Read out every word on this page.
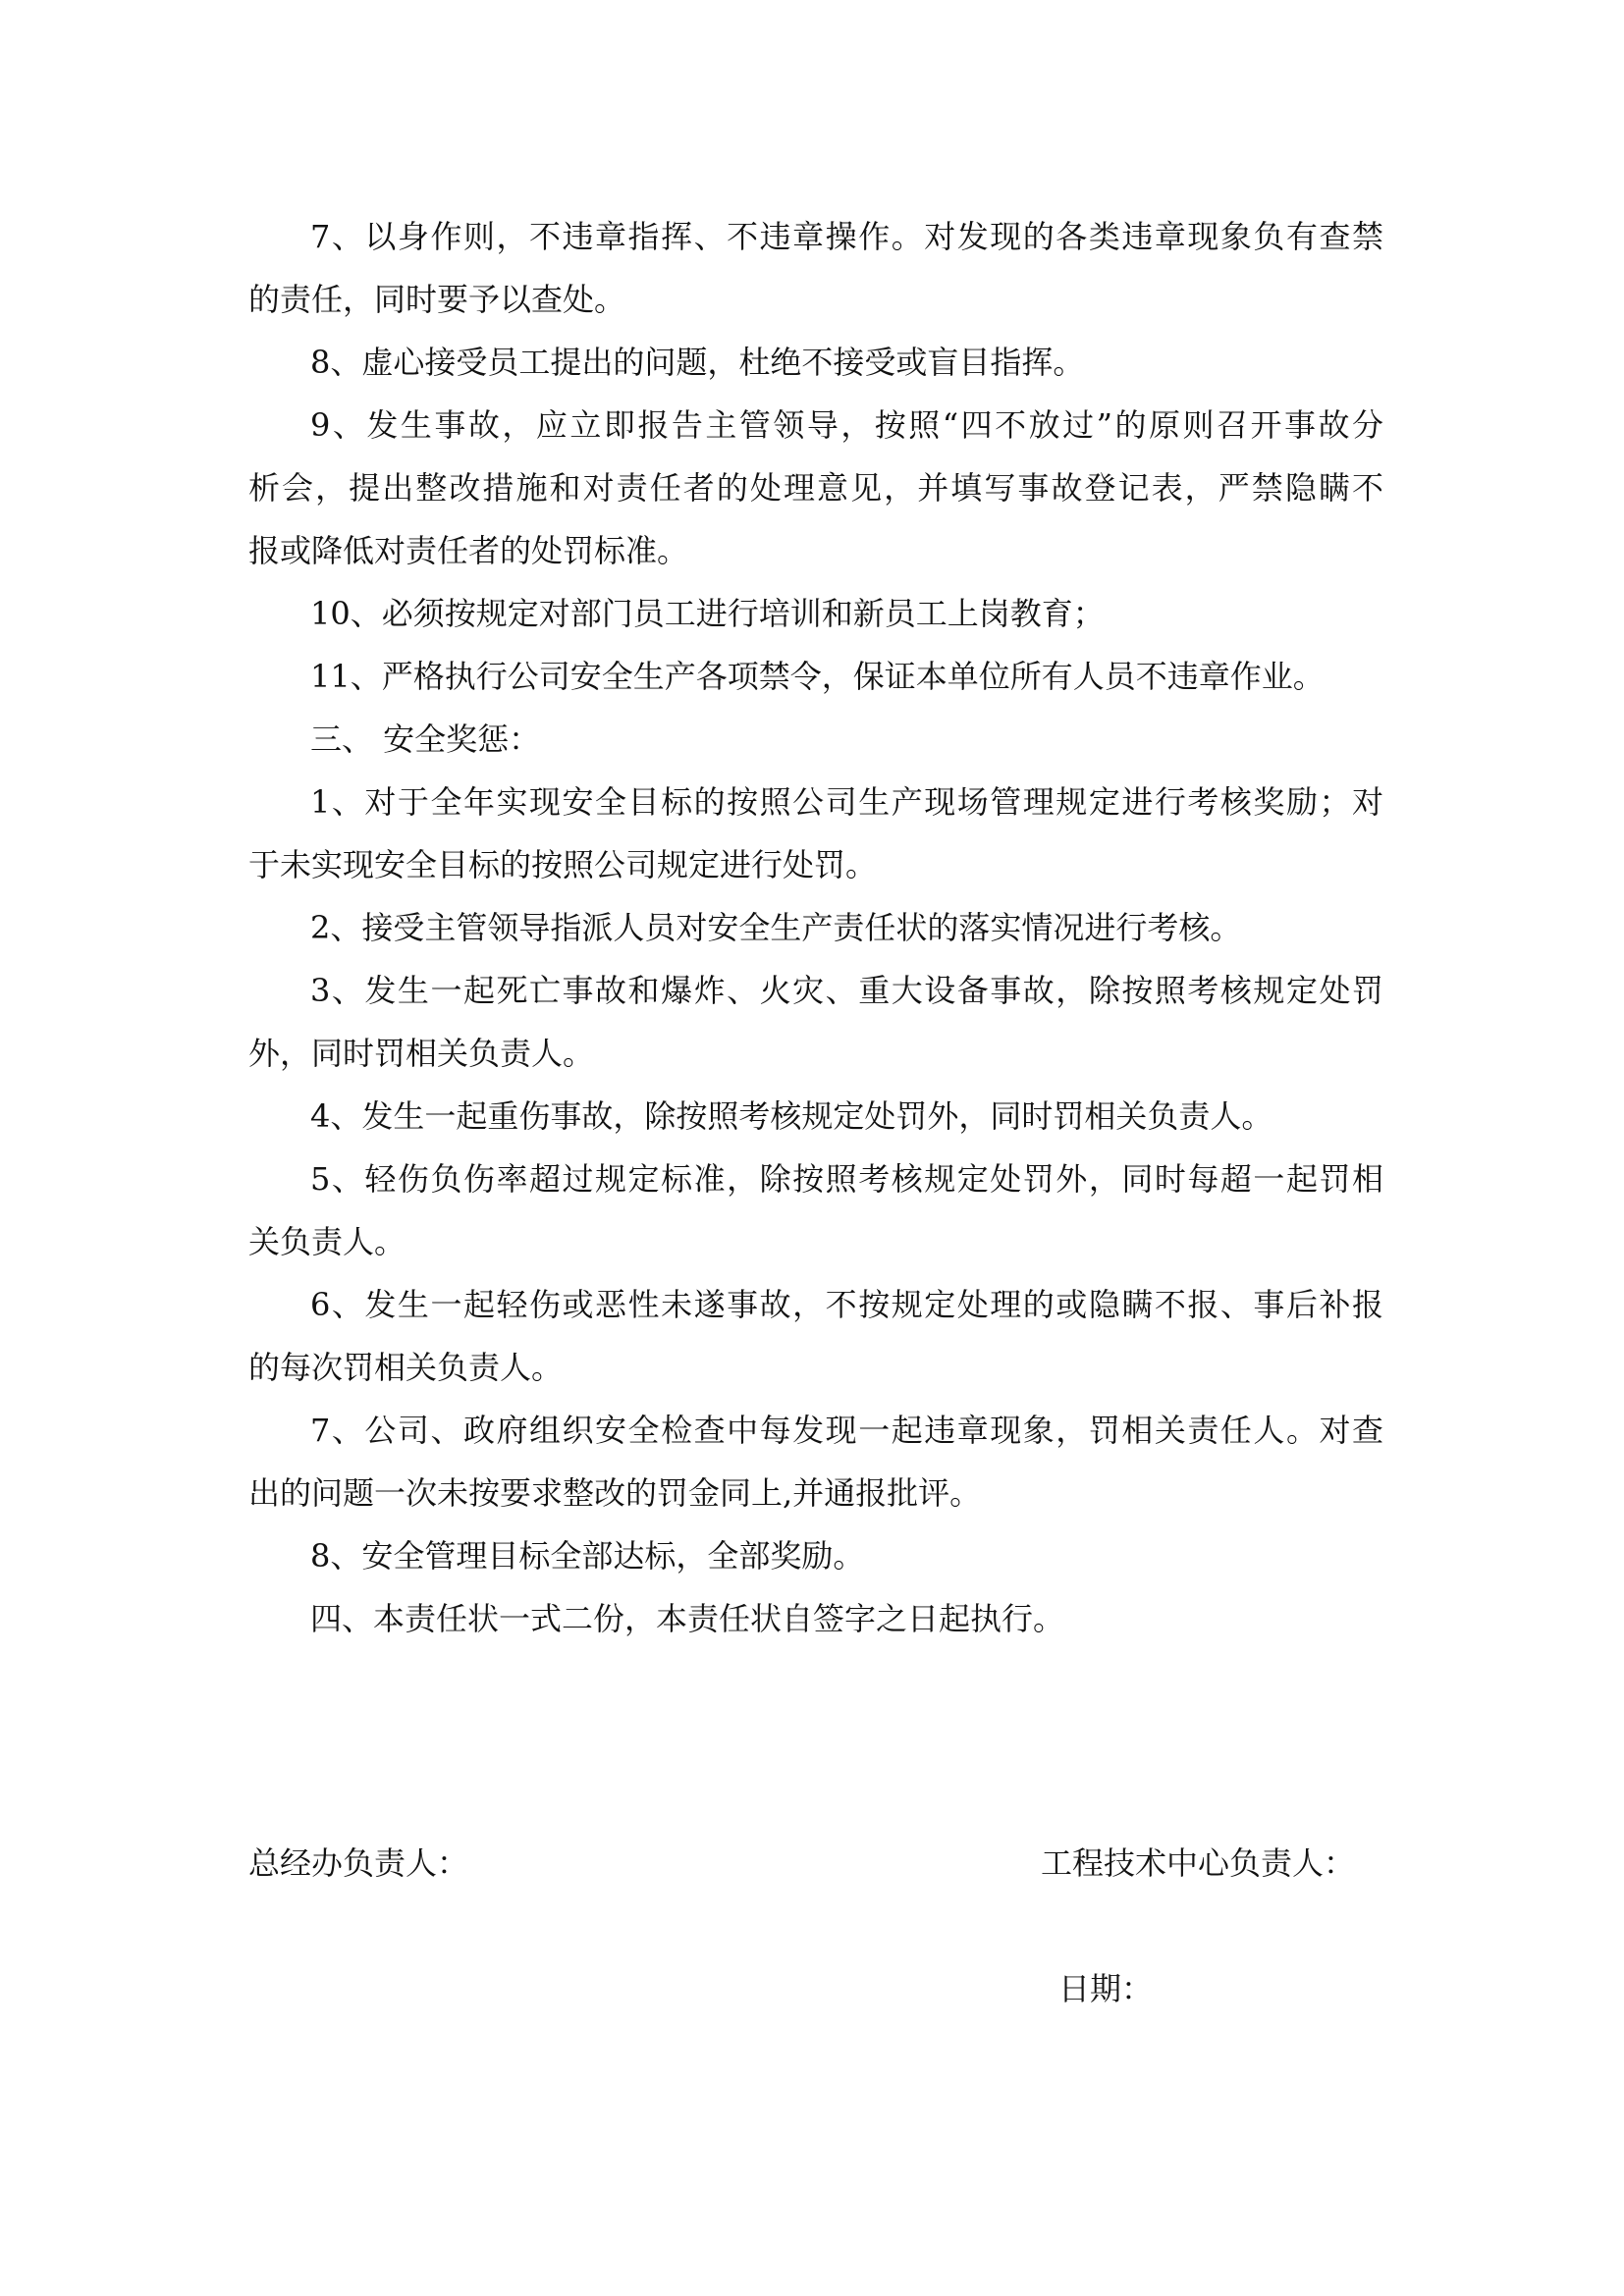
7、以身作则，不违章指挥、不违章操作。对发现的各类违章现象负有查禁
的责任，同时要予以查处。
8、虚心接受员工提出的问题，杜绝不接受或盲目指挥。
9、发生事故，应立即报告主管领导，按照“四不放过”的原则召开事故分
析会，提出整改措施和对责任者的处理意见，并填写事故登记表，严禁隐瞒不
报或降低对责任者的处罚标准。
10、必须按规定对部门员工进行培训和新员工上岗教育；
11、严格执行公司安全生产各项禁令，保证本单位所有人员不违章作业。
三、 安全奖惩：
1、对于全年实现安全目标的按照公司生产现场管理规定进行考核奖励；对
于未实现安全目标的按照公司规定进行处罚。
2、接受主管领导指派人员对安全生产责任状的落实情况进行考核。
3、发生一起死亡事故和爆炸、火灾、重大设备事故，除按照考核规定处罚
外，同时罚相关负责人。
4、发生一起重伤事故，除按照考核规定处罚外，同时罚相关负责人。
5、轻伤负伤率超过规定标准，除按照考核规定处罚外，同时每超一起罚相
关负责人。
6、发生一起轻伤或恶性未遂事故，不按规定处理的或隐瞒不报、事后补报
的每次罚相关负责人。
7、公司、政府组织安全检查中每发现一起违章现象，罚相关责任人。对查
出的问题一次未按要求整改的罚金同上,并通报批评。
8、安全管理目标全部达标，全部奖励。
四、本责任状一式二份，本责任状自签字之日起执行。
总经办负责人：	工程技术中心负责人：
日期：
